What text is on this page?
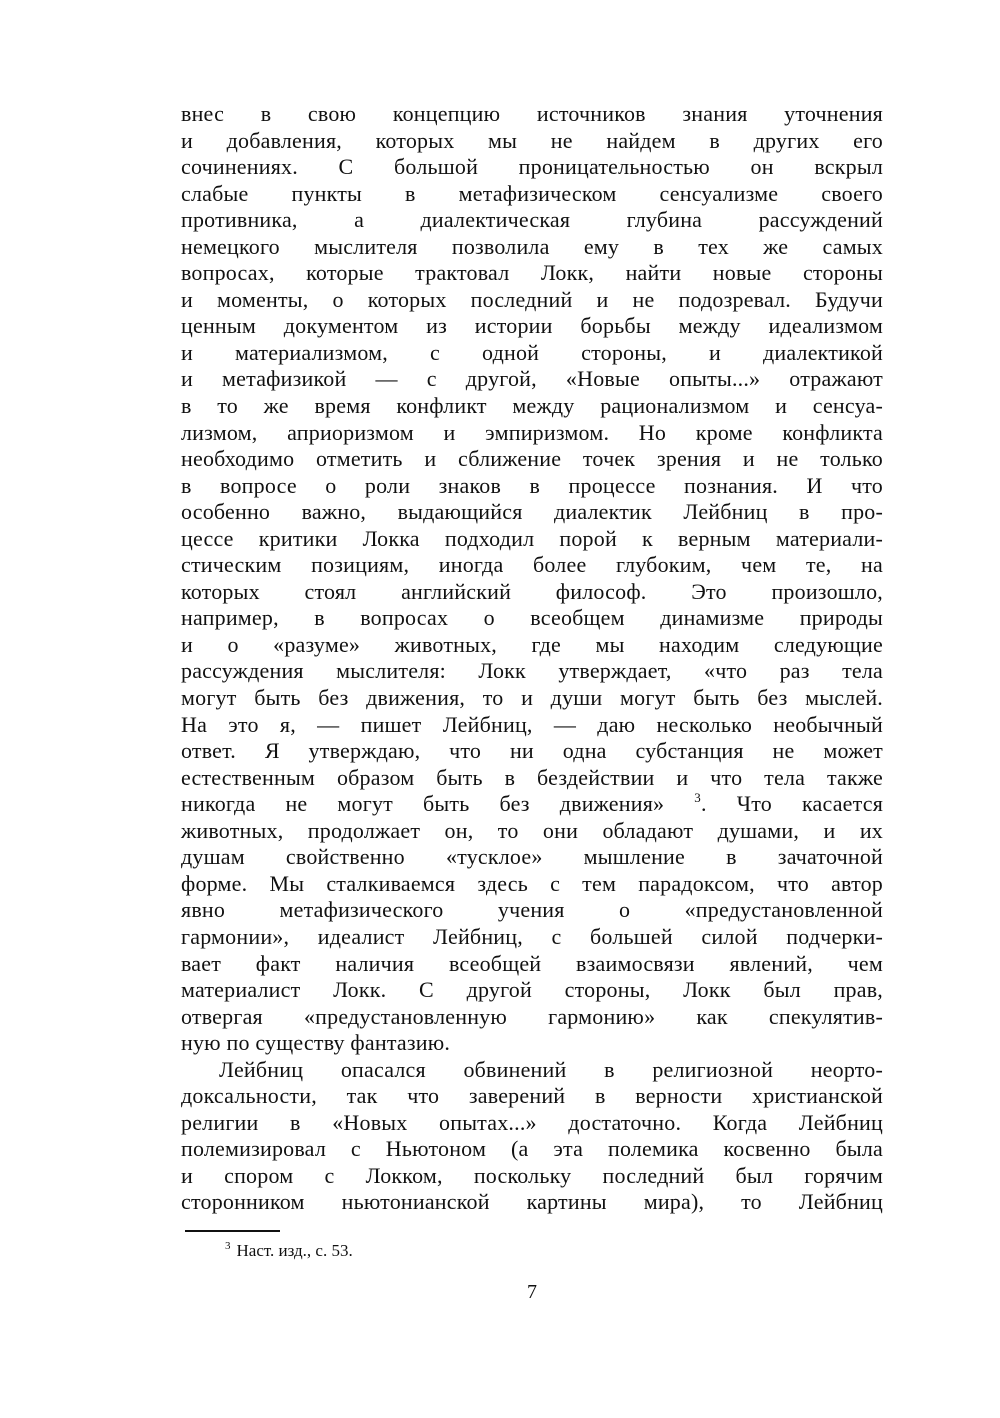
внес в свою концепцию источников знания уточнения
и добавления, которых мы не найдем в других его
сочинениях. С большой проницательностью он вскрыл
слабые пункты в метафизическом сенсуализме своего
противника, а диалектическая глубина рассуждений
немецкого мыслителя позволила ему в тех же самых
вопросах, которые трактовал Локк, найти новые стороны
и моменты, о которых последний и не подозревал. Будучи
ценным документом из истории борьбы между идеализмом
и материализмом, с одной стороны, и диалектикой
и метафизикой — с другой, «Новые опыты...» отражают
в то же время конфликт между рационализмом и сенсуа-
лизмом, априоризмом и эмпиризмом. Но кроме конфликта
необходимо отметить и сближение точек зрения и не только
в вопросе о роли знаков в процессе познания. И что
особенно важно, выдающийся диалектик Лейбниц в про-
цессе критики Локка подходил порой к верным материали-
стическим позициям, иногда более глубоким, чем те, на
которых стоял английский философ. Это произошло,
например, в вопросах о всеобщем динамизме природы
и о «разуме» животных, где мы находим следующие
рассуждения мыслителя: Локк утверждает, «что раз тела
могут быть без движения, то и души могут быть без мыслей.
На это я, — пишет Лейбниц, — даю несколько необычный
ответ. Я утверждаю, что ни одна субстанция не может
естественным образом быть в бездействии и что тела также
никогда не могут быть без движения» $^3$. Что касается
животных, продолжает он, то они обладают душами, и их
душам свойственно «тусклое» мышление в зачаточной
форме. Мы сталкиваемся здесь с тем парадоксом, что автор
явно метафизического учения о «предустановленной
гармонии», идеалист Лейбниц, с большей силой подчерки-
вает факт наличия всеобщей взаимосвязи явлений, чем
материалист Локк. С другой стороны, Локк был прав,
отвергая «предустановленную гармонию» как спекулятив-
ную по существу фантазию.
Лейбниц опасался обвинений в религиозной неорто-
доксальности, так что заверений в верности христианской
религии в «Новых опытах...» достаточно. Когда Лейбниц
полемизировал с Ньютоном (а эта полемика косвенно была
и спором с Локком, поскольку последний был горячим
сторонником ньютонианской картины мира), то Лейбниц
$^3$ Наст. изд., с. 53.
7
